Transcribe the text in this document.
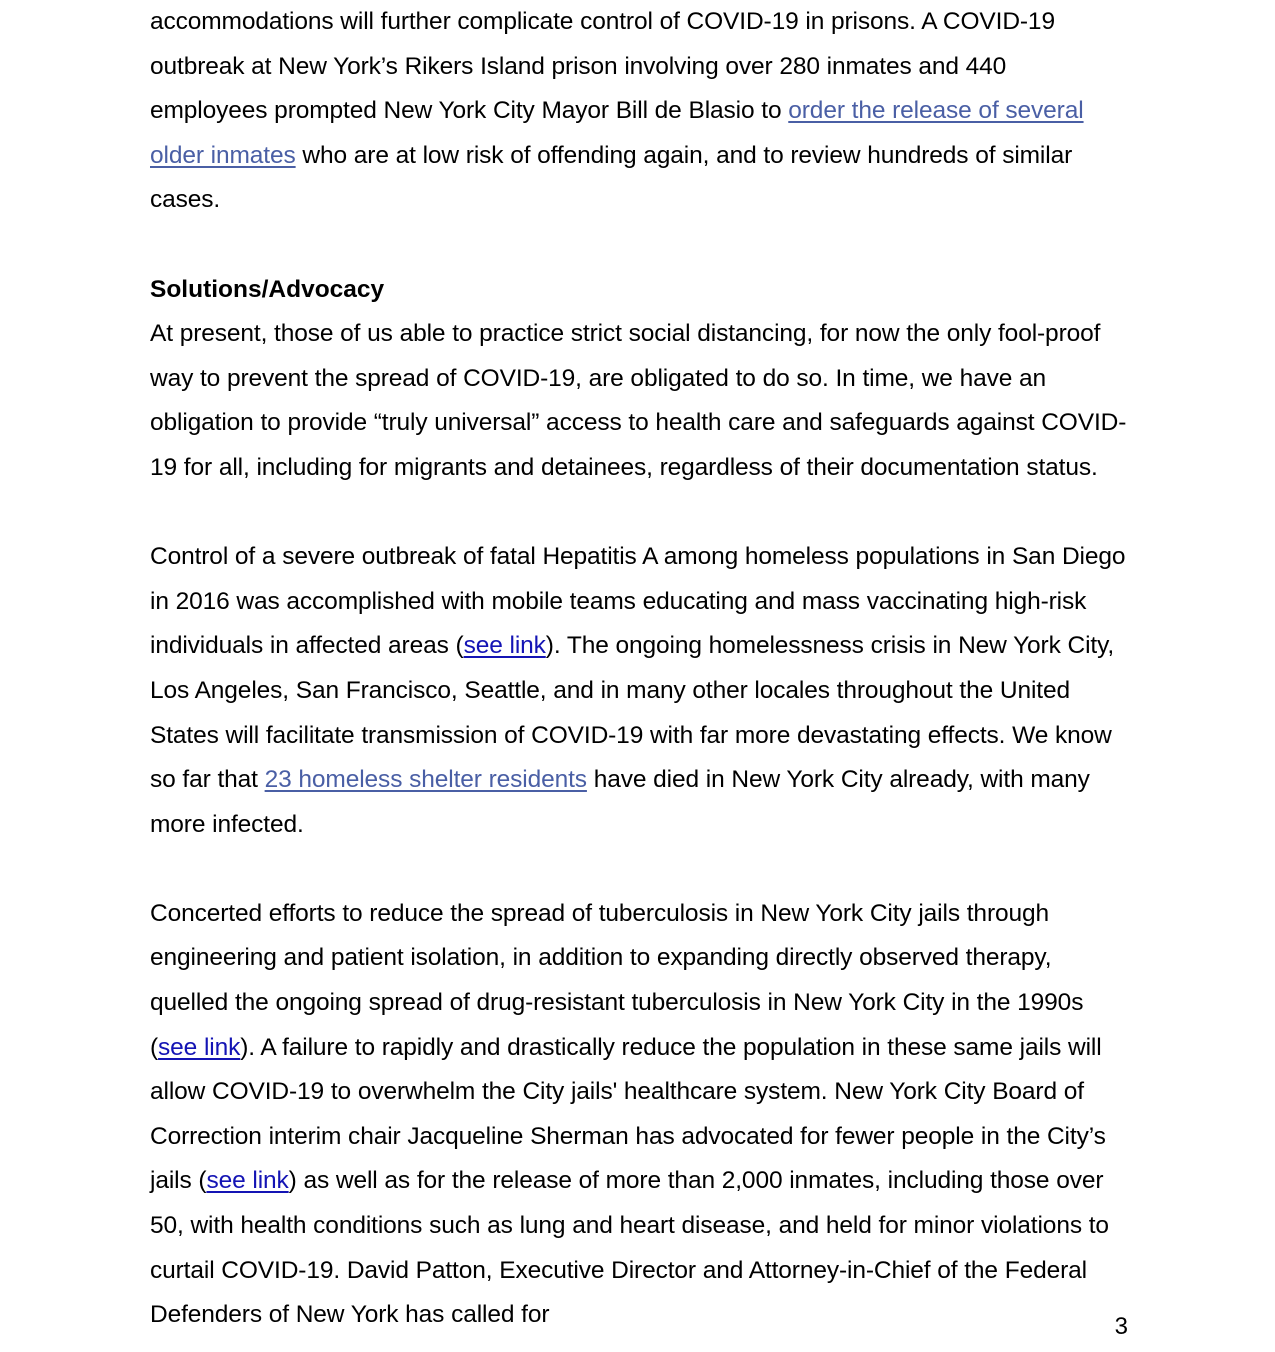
accommodations will further complicate control of COVID-19 in prisons. A COVID-19 outbreak at New York’s Rikers Island prison involving over 280 inmates and 440 employees prompted New York City Mayor Bill de Blasio to order the release of several older inmates who are at low risk of offending again, and to review hundreds of similar cases.

Solutions/Advocacy

At present, those of us able to practice strict social distancing, for now the only fool-proof way to prevent the spread of COVID-19, are obligated to do so. In time, we have an obligation to provide “truly universal” access to health care and safeguards against COVID-19 for all, including for migrants and detainees, regardless of their documentation status.

Control of a severe outbreak of fatal Hepatitis A among homeless populations in San Diego in 2016 was accomplished with mobile teams educating and mass vaccinating high-risk individuals in affected areas (see link). The ongoing homelessness crisis in New York City, Los Angeles, San Francisco, Seattle, and in many other locales throughout the United States will facilitate transmission of COVID-19 with far more devastating effects. We know so far that 23 homeless shelter residents have died in New York City already, with many more infected.

Concerted efforts to reduce the spread of tuberculosis in New York City jails through engineering and patient isolation, in addition to expanding directly observed therapy, quelled the ongoing spread of drug-resistant tuberculosis in New York City in the 1990s (see link). A failure to rapidly and drastically reduce the population in these same jails will allow COVID-19 to overwhelm the City jails' healthcare system. New York City Board of Correction interim chair Jacqueline Sherman has advocated for fewer people in the City’s jails (see link) as well as for the release of more than 2,000 inmates, including those over 50, with health conditions such as lung and heart disease, and held for minor violations to curtail COVID-19. David Patton, Executive Director and Attorney-in-Chief of the Federal Defenders of New York has called for	3
